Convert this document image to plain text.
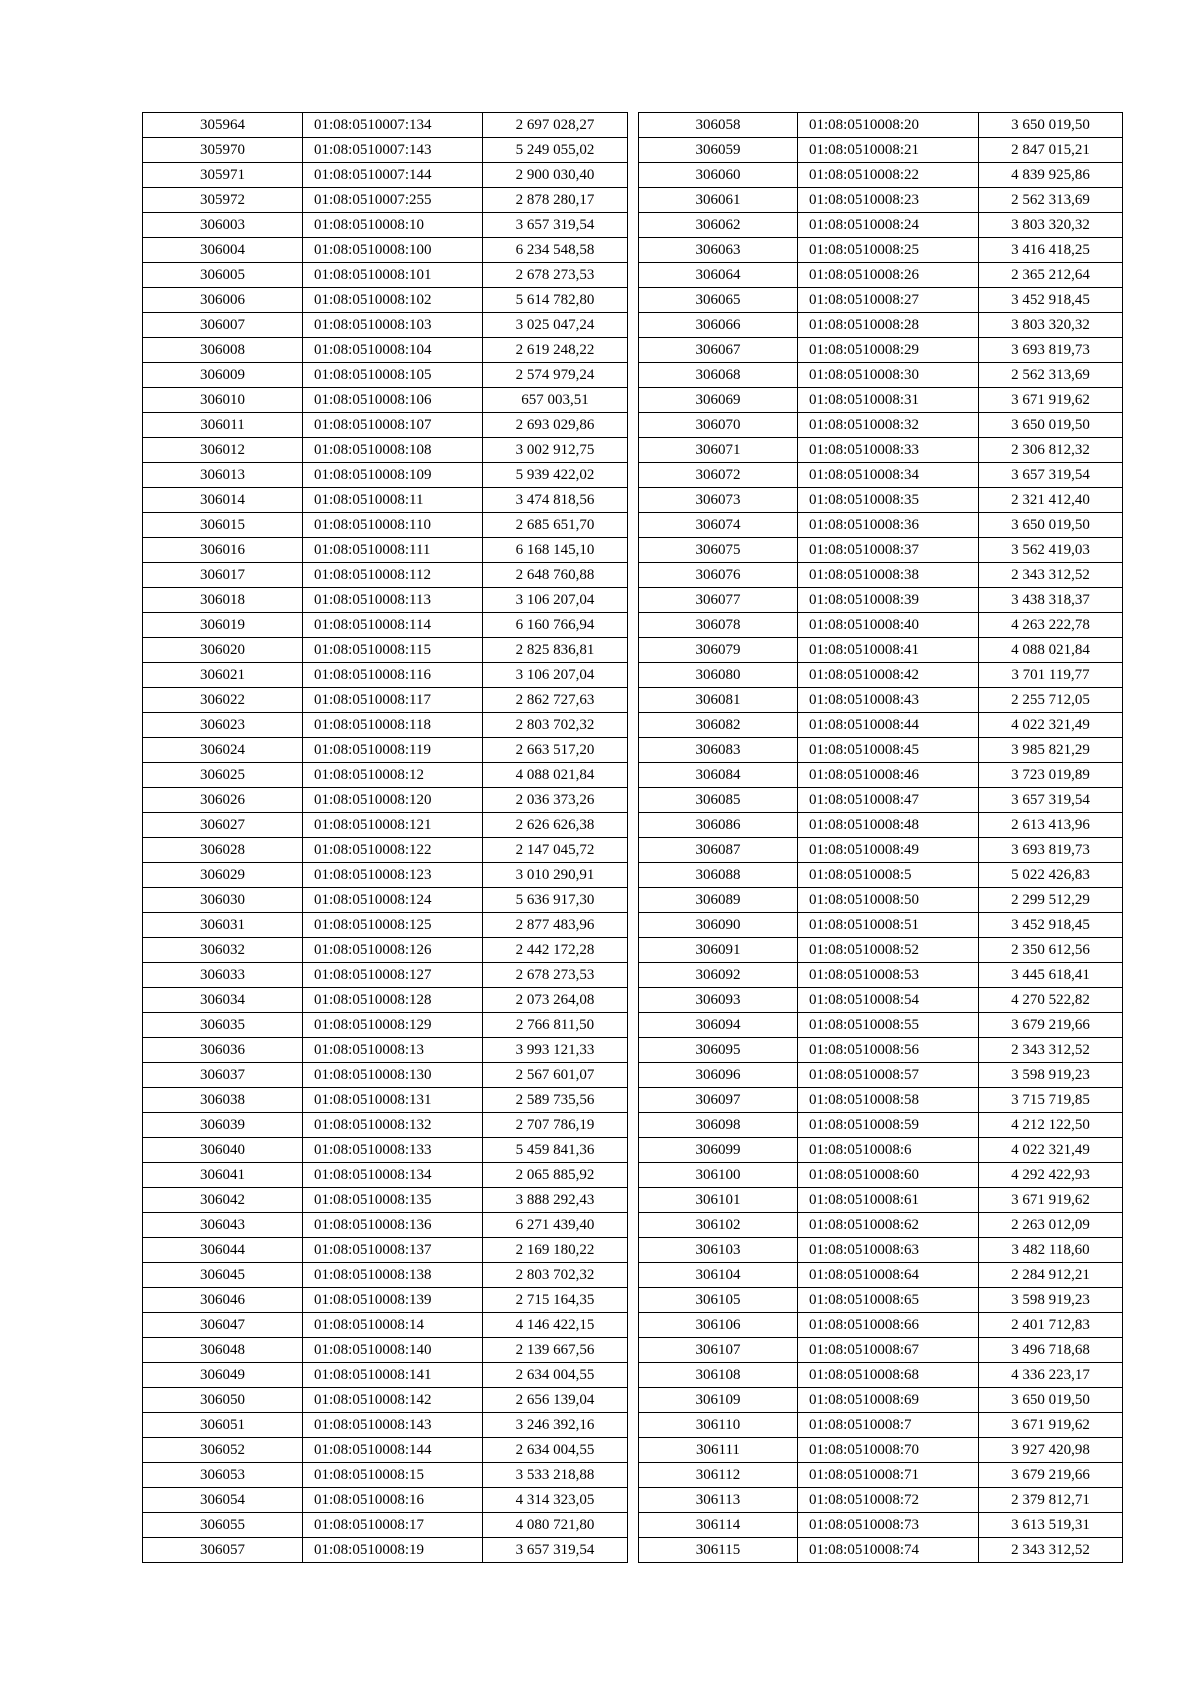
305964	01:08:0510007:134	2 697 028,27
305970	01:08:0510007:143	5 249 055,02
305971	01:08:0510007:144	2 900 030,40
305972	01:08:0510007:255	2 878 280,17
306003	01:08:0510008:10	3 657 319,54
306004	01:08:0510008:100	6 234 548,58
306005	01:08:0510008:101	2 678 273,53
306006	01:08:0510008:102	5 614 782,80
306007	01:08:0510008:103	3 025 047,24
306008	01:08:0510008:104	2 619 248,22
306009	01:08:0510008:105	2 574 979,24
306010	01:08:0510008:106	657 003,51
306011	01:08:0510008:107	2 693 029,86
306012	01:08:0510008:108	3 002 912,75
306013	01:08:0510008:109	5 939 422,02
306014	01:08:0510008:11	3 474 818,56
306015	01:08:0510008:110	2 685 651,70
306016	01:08:0510008:111	6 168 145,10
306017	01:08:0510008:112	2 648 760,88
306018	01:08:0510008:113	3 106 207,04
306019	01:08:0510008:114	6 160 766,94
306020	01:08:0510008:115	2 825 836,81
306021	01:08:0510008:116	3 106 207,04
306022	01:08:0510008:117	2 862 727,63
306023	01:08:0510008:118	2 803 702,32
306024	01:08:0510008:119	2 663 517,20
306025	01:08:0510008:12	4 088 021,84
306026	01:08:0510008:120	2 036 373,26
306027	01:08:0510008:121	2 626 626,38
306028	01:08:0510008:122	2 147 045,72
306029	01:08:0510008:123	3 010 290,91
306030	01:08:0510008:124	5 636 917,30
306031	01:08:0510008:125	2 877 483,96
306032	01:08:0510008:126	2 442 172,28
306033	01:08:0510008:127	2 678 273,53
306034	01:08:0510008:128	2 073 264,08
306035	01:08:0510008:129	2 766 811,50
306036	01:08:0510008:13	3 993 121,33
306037	01:08:0510008:130	2 567 601,07
306038	01:08:0510008:131	2 589 735,56
306039	01:08:0510008:132	2 707 786,19
306040	01:08:0510008:133	5 459 841,36
306041	01:08:0510008:134	2 065 885,92
306042	01:08:0510008:135	3 888 292,43
306043	01:08:0510008:136	6 271 439,40
306044	01:08:0510008:137	2 169 180,22
306045	01:08:0510008:138	2 803 702,32
306046	01:08:0510008:139	2 715 164,35
306047	01:08:0510008:14	4 146 422,15
306048	01:08:0510008:140	2 139 667,56
306049	01:08:0510008:141	2 634 004,55
306050	01:08:0510008:142	2 656 139,04
306051	01:08:0510008:143	3 246 392,16
306052	01:08:0510008:144	2 634 004,55
306053	01:08:0510008:15	3 533 218,88
306054	01:08:0510008:16	4 314 323,05
306055	01:08:0510008:17	4 080 721,80
306057	01:08:0510008:19	3 657 319,54
306058	01:08:0510008:20	3 650 019,50
306059	01:08:0510008:21	2 847 015,21
306060	01:08:0510008:22	4 839 925,86
306061	01:08:0510008:23	2 562 313,69
306062	01:08:0510008:24	3 803 320,32
306063	01:08:0510008:25	3 416 418,25
306064	01:08:0510008:26	2 365 212,64
306065	01:08:0510008:27	3 452 918,45
306066	01:08:0510008:28	3 803 320,32
306067	01:08:0510008:29	3 693 819,73
306068	01:08:0510008:30	2 562 313,69
306069	01:08:0510008:31	3 671 919,62
306070	01:08:0510008:32	3 650 019,50
306071	01:08:0510008:33	2 306 812,32
306072	01:08:0510008:34	3 657 319,54
306073	01:08:0510008:35	2 321 412,40
306074	01:08:0510008:36	3 650 019,50
306075	01:08:0510008:37	3 562 419,03
306076	01:08:0510008:38	2 343 312,52
306077	01:08:0510008:39	3 438 318,37
306078	01:08:0510008:40	4 263 222,78
306079	01:08:0510008:41	4 088 021,84
306080	01:08:0510008:42	3 701 119,77
306081	01:08:0510008:43	2 255 712,05
306082	01:08:0510008:44	4 022 321,49
306083	01:08:0510008:45	3 985 821,29
306084	01:08:0510008:46	3 723 019,89
306085	01:08:0510008:47	3 657 319,54
306086	01:08:0510008:48	2 613 413,96
306087	01:08:0510008:49	3 693 819,73
306088	01:08:0510008:5	5 022 426,83
306089	01:08:0510008:50	2 299 512,29
306090	01:08:0510008:51	3 452 918,45
306091	01:08:0510008:52	2 350 612,56
306092	01:08:0510008:53	3 445 618,41
306093	01:08:0510008:54	4 270 522,82
306094	01:08:0510008:55	3 679 219,66
306095	01:08:0510008:56	2 343 312,52
306096	01:08:0510008:57	3 598 919,23
306097	01:08:0510008:58	3 715 719,85
306098	01:08:0510008:59	4 212 122,50
306099	01:08:0510008:6	4 022 321,49
306100	01:08:0510008:60	4 292 422,93
306101	01:08:0510008:61	3 671 919,62
306102	01:08:0510008:62	2 263 012,09
306103	01:08:0510008:63	3 482 118,60
306104	01:08:0510008:64	2 284 912,21
306105	01:08:0510008:65	3 598 919,23
306106	01:08:0510008:66	2 401 712,83
306107	01:08:0510008:67	3 496 718,68
306108	01:08:0510008:68	4 336 223,17
306109	01:08:0510008:69	3 650 019,50
306110	01:08:0510008:7	3 671 919,62
306111	01:08:0510008:70	3 927 420,98
306112	01:08:0510008:71	3 679 219,66
306113	01:08:0510008:72	2 379 812,71
306114	01:08:0510008:73	3 613 519,31
306115	01:08:0510008:74	2 343 312,52
